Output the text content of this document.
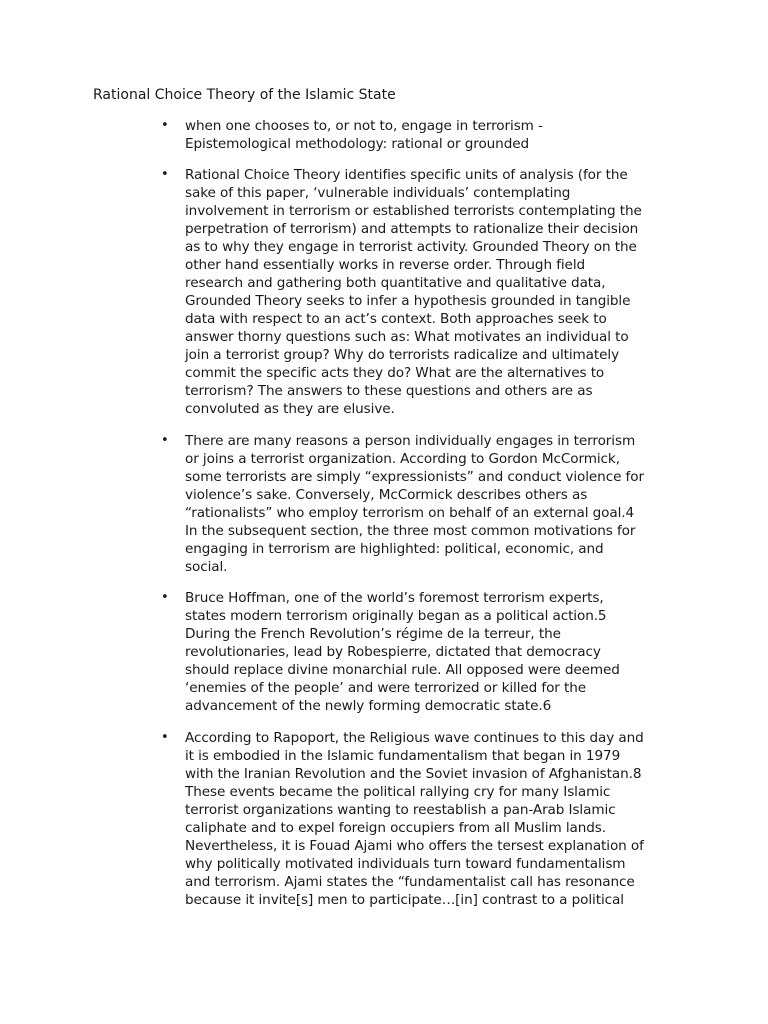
Rational Choice Theory of the Islamic State
• when one chooses to, or not to, engage in terrorism -
Epistemological methodology: rational or grounded
• Rational Choice Theory identifies specific units of analysis (for the
sake of this paper, ‘vulnerable individuals’ contemplating
involvement in terrorism or established terrorists contemplating the
perpetration of terrorism) and attempts to rationalize their decision
as to why they engage in terrorist activity. Grounded Theory on the
other hand essentially works in reverse order. Through field
research and gathering both quantitative and qualitative data,
Grounded Theory seeks to infer a hypothesis grounded in tangible
data with respect to an act’s context. Both approaches seek to
answer thorny questions such as: What motivates an individual to
join a terrorist group? Why do terrorists radicalize and ultimately
commit the specific acts they do? What are the alternatives to
terrorism? The answers to these questions and others are as
convoluted as they are elusive.
• There are many reasons a person individually engages in terrorism
or joins a terrorist organization. According to Gordon McCormick,
some terrorists are simply “expressionists” and conduct violence for
violence’s sake. Conversely, McCormick describes others as
“rationalists” who employ terrorism on behalf of an external goal.4
In the subsequent section, the three most common motivations for
engaging in terrorism are highlighted: political, economic, and
social.
• Bruce Hoffman, one of the world’s foremost terrorism experts,
states modern terrorism originally began as a political action.5
During the French Revolution’s régime de la terreur, the
revolutionaries, lead by Robespierre, dictated that democracy
should replace divine monarchial rule. All opposed were deemed
‘enemies of the people’ and were terrorized or killed for the
advancement of the newly forming democratic state.6
• According to Rapoport, the Religious wave continues to this day and
it is embodied in the Islamic fundamentalism that began in 1979
with the Iranian Revolution and the Soviet invasion of Afghanistan.8
These events became the political rallying cry for many Islamic
terrorist organizations wanting to reestablish a pan-Arab Islamic
caliphate and to expel foreign occupiers from all Muslim lands.
Nevertheless, it is Fouad Ajami who offers the tersest explanation of
why politically motivated individuals turn toward fundamentalism
and terrorism. Ajami states the “fundamentalist call has resonance
because it invite[s] men to participate…[in] contrast to a political
